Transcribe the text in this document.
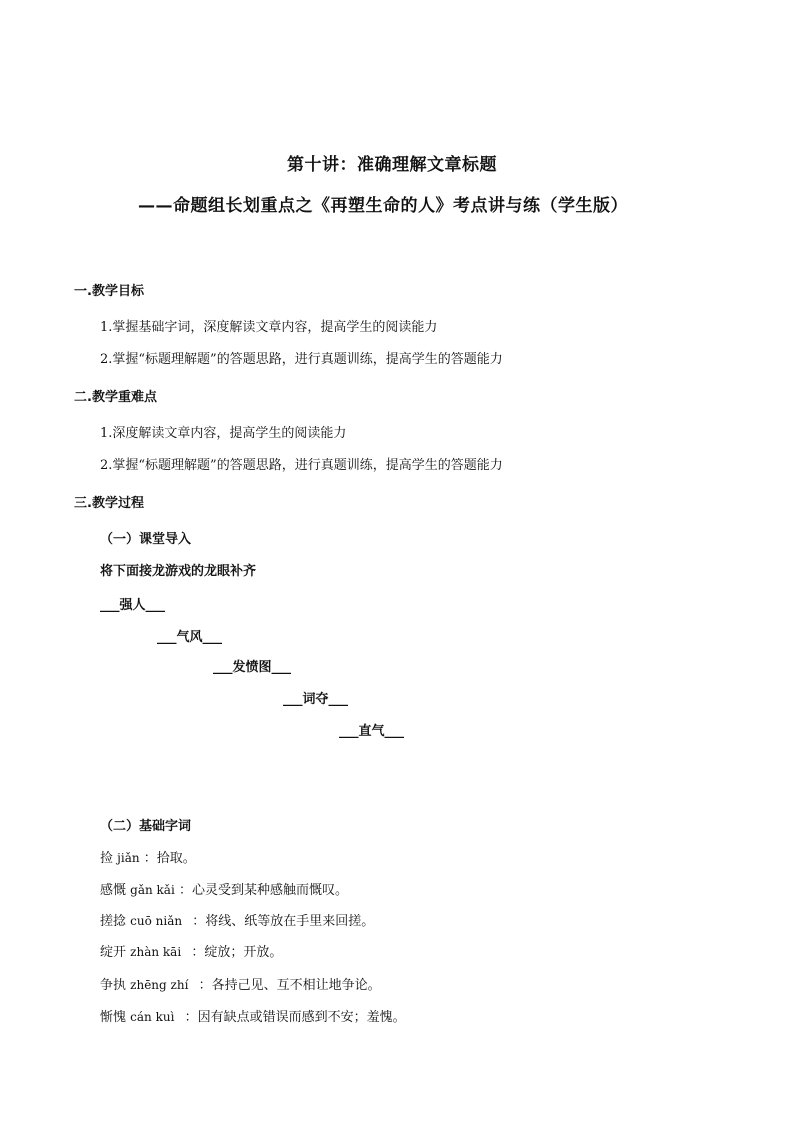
第十讲：准确理解文章标题
——命题组长划重点之《再塑生命的人》考点讲与练（学生版）
一.教学目标
1.掌握基础字词，深度解读文章内容，提高学生的阅读能力
2.掌握“标题理解题”的答题思路，进行真题训练，提高学生的答题能力
二.教学重难点
1.深度解读文章内容，提高学生的阅读能力
2.掌握“标题理解题”的答题思路，进行真题训练，提高学生的答题能力
三.教学过程
（一）课堂导入
将下面接龙游戏的龙眼补齐
___强人___
___气风___
___发愤图___
___词夺___
___直气___
（二）基础字词
捡 jiǎn ：拾取。
感慨 gǎn kǎi ：心灵受到某种感触而慨叹。
搓捻 cuō niǎn ：将线、纸等放在手里来回搓。
绽开 zhàn kāi ：绽放；开放。
争执 zhēng zhí ：各持己见、互不相让地争论。
惭愧 cán kuì ：因有缺点或错误而感到不安；羞愧。
